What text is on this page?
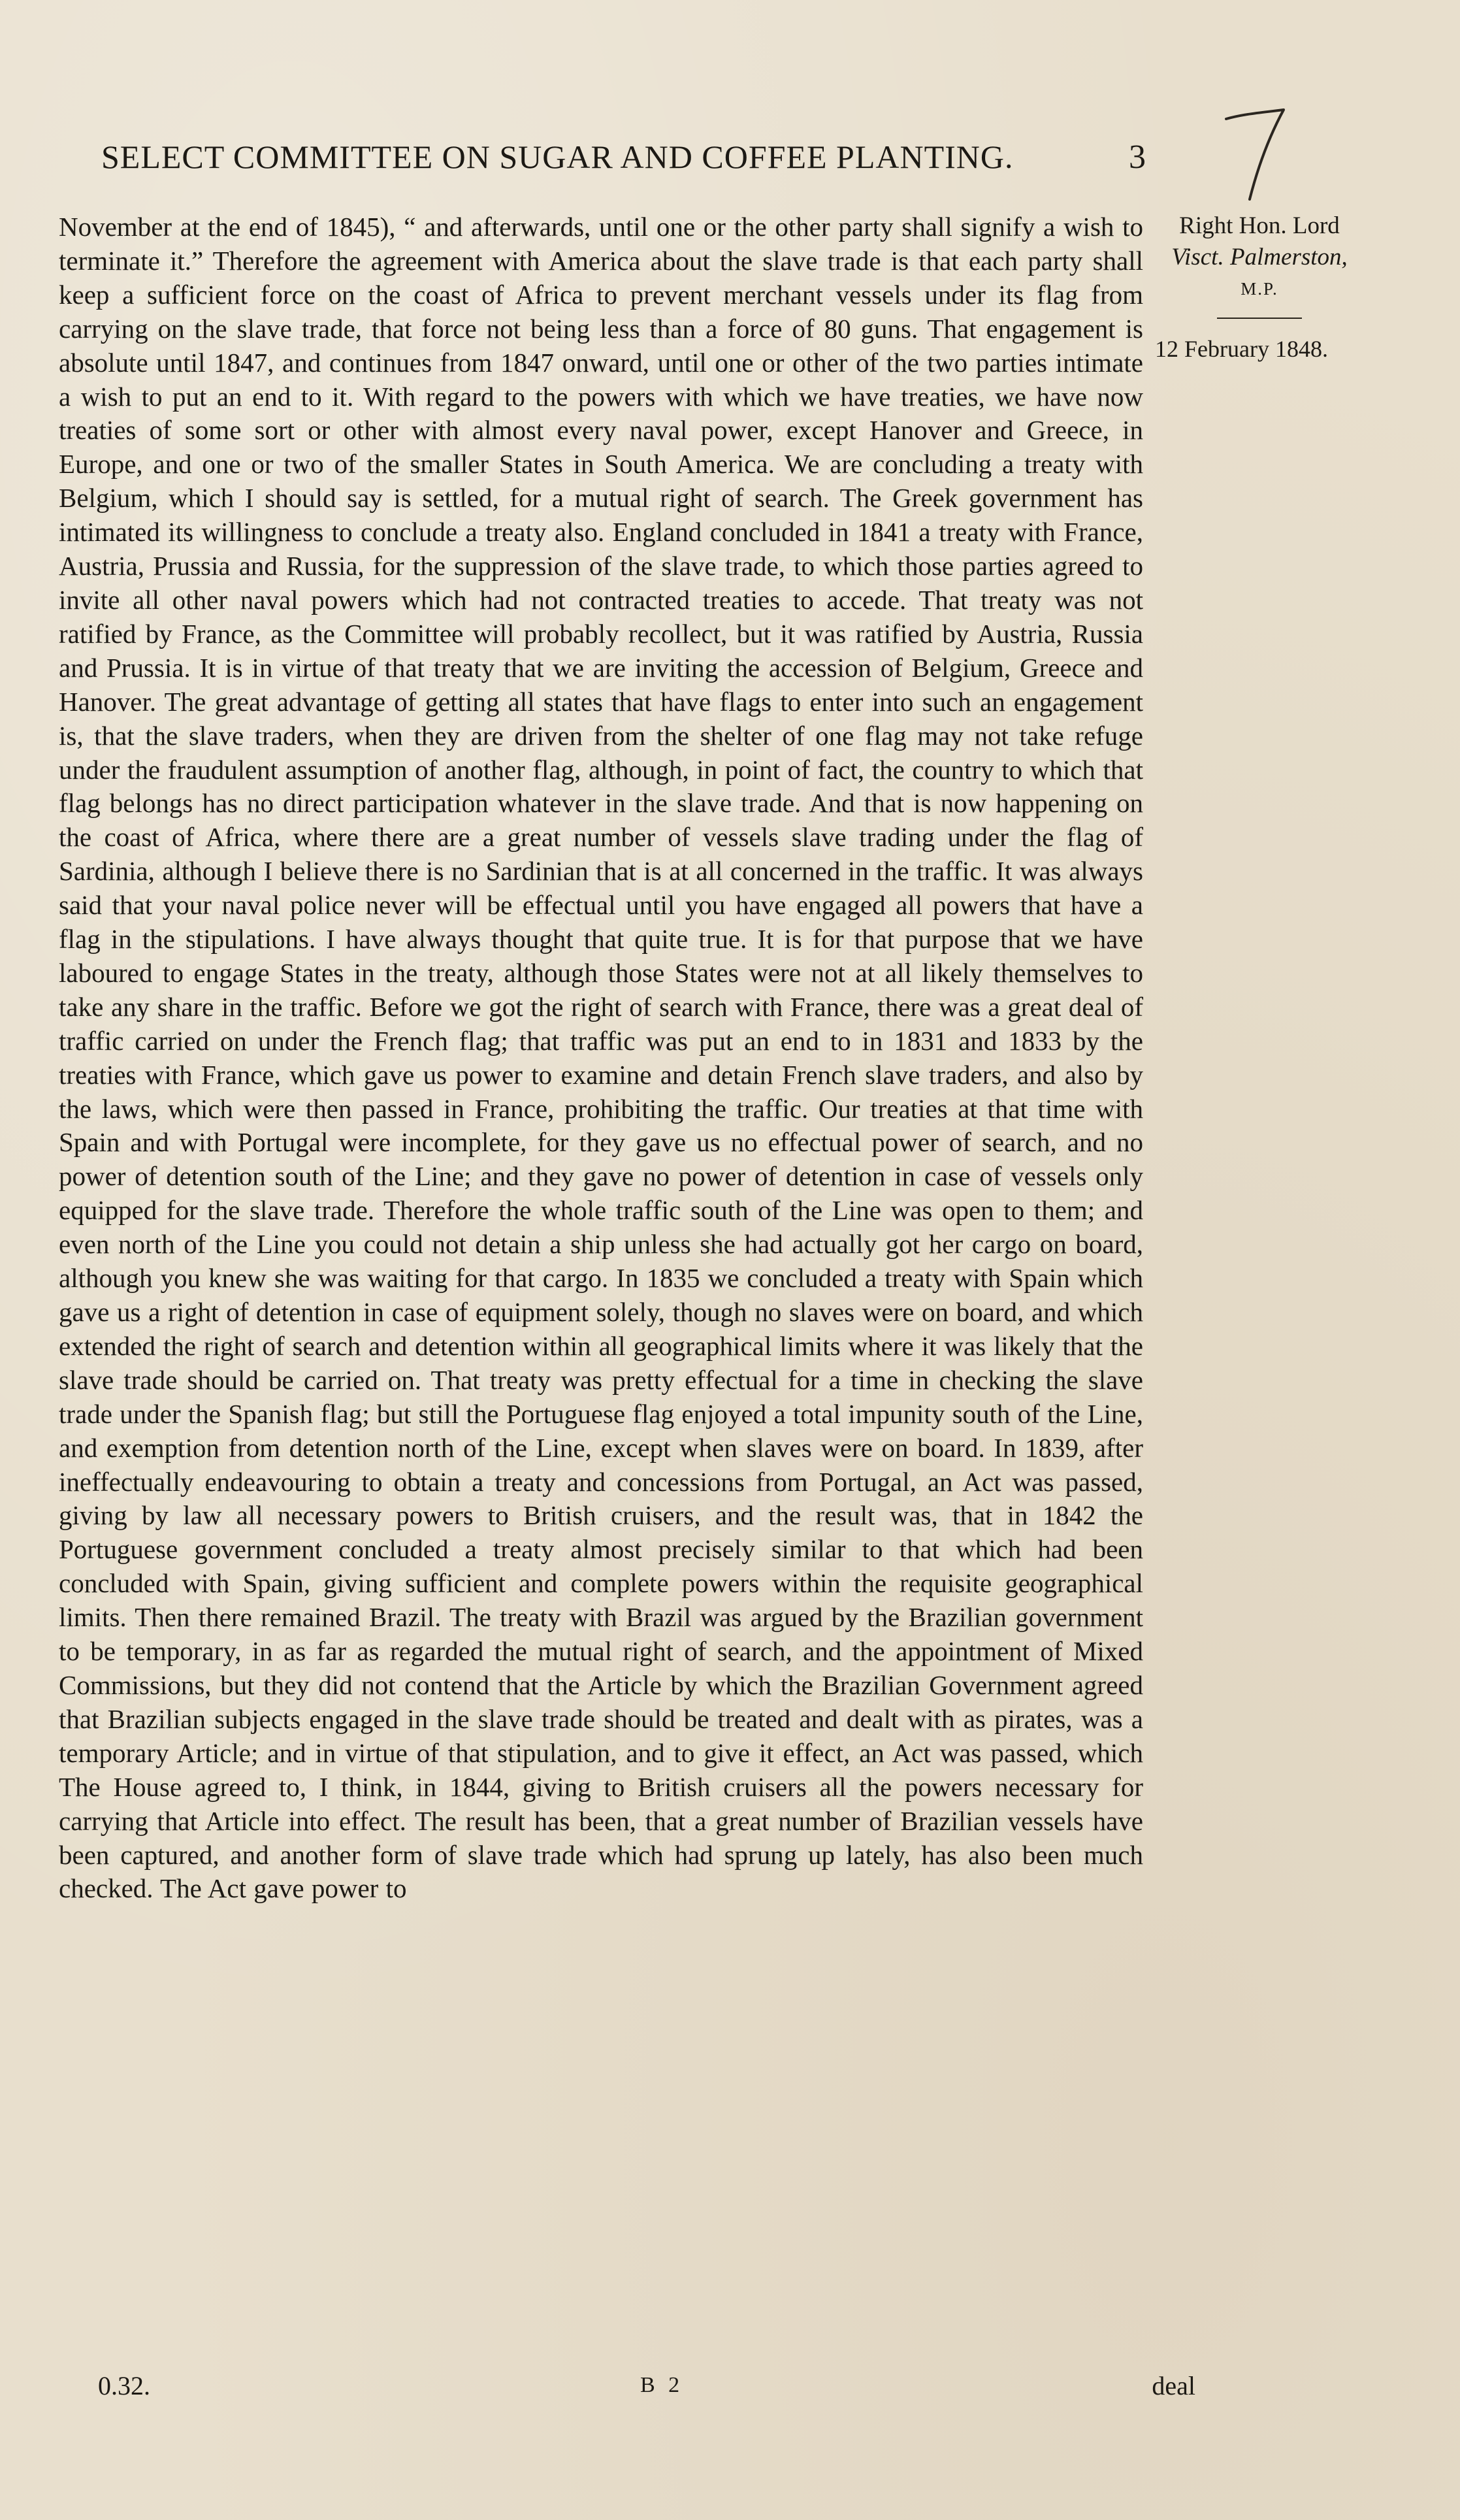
SELECT COMMITTEE ON SUGAR AND COFFEE PLANTING.	3
Right Hon. Lord
Visct. Palmerston,
M.P.
12 February 1848.

November at the end of 1845), “ and afterwards, until one or the other party shall signify a wish to terminate it.” Therefore the agreement with America about the slave trade is that each party shall keep a sufficient force on the coast of Africa to prevent merchant vessels under its flag from carrying on the slave trade, that force not being less than a force of 80 guns. That engagement is absolute until 1847, and continues from 1847 onward, until one or other of the two parties intimate a wish to put an end to it. With regard to the powers with which we have treaties, we have now treaties of some sort or other with almost every naval power, except Hanover and Greece, in Europe, and one or two of the smaller States in South America. We are concluding a treaty with Belgium, which I should say is settled, for a mutual right of search. The Greek government has intimated its willingness to conclude a treaty also. England concluded in 1841 a treaty with France, Austria, Prussia and Russia, for the suppression of the slave trade, to which those parties agreed to invite all other naval powers which had not contracted treaties to accede. That treaty was not ratified by France, as the Committee will probably recollect, but it was ratified by Austria, Russia and Prussia. It is in virtue of that treaty that we are inviting the accession of Belgium, Greece and Hanover. The great advantage of getting all states that have flags to enter into such an engagement is, that the slave traders, when they are driven from the shelter of one flag may not take refuge under the fraudulent assumption of another flag, although, in point of fact, the country to which that flag belongs has no direct participation whatever in the slave trade. And that is now happening on the coast of Africa, where there are a great number of vessels slave trading under the flag of Sardinia, although I believe there is no Sardinian that is at all concerned in the traffic. It was always said that your naval police never will be effectual until you have engaged all powers that have a flag in the stipulations. I have always thought that quite true. It is for that purpose that we have laboured to engage States in the treaty, although those States were not at all likely themselves to take any share in the traffic. Before we got the right of search with France, there was a great deal of traffic carried on under the French flag; that traffic was put an end to in 1831 and 1833 by the treaties with France, which gave us power to examine and detain French slave traders, and also by the laws, which were then passed in France, prohibiting the traffic. Our treaties at that time with Spain and with Portugal were incomplete, for they gave us no effectual power of search, and no power of detention south of the Line; and they gave no power of detention in case of vessels only equipped for the slave trade. Therefore the whole traffic south of the Line was open to them; and even north of the Line you could not detain a ship unless she had actually got her cargo on board, although you knew she was waiting for that cargo. In 1835 we concluded a treaty with Spain which gave us a right of detention in case of equipment solely, though no slaves were on board, and which extended the right of search and detention within all geographical limits where it was likely that the slave trade should be carried on. That treaty was pretty effectual for a time in checking the slave trade under the Spanish flag; but still the Portuguese flag enjoyed a total impunity south of the Line, and exemption from detention north of the Line, except when slaves were on board. In 1839, after ineffectually endeavouring to obtain a treaty and concessions from Portugal, an Act was passed, giving by law all necessary powers to British cruisers, and the result was, that in 1842 the Portuguese government concluded a treaty almost precisely similar to that which had been concluded with Spain, giving sufficient and complete powers within the requisite geographical limits. Then there remained Brazil. The treaty with Brazil was argued by the Brazilian government to be temporary, in as far as regarded the mutual right of search, and the appointment of Mixed Commissions, but they did not contend that the Article by which the Brazilian Government agreed that Brazilian subjects engaged in the slave trade should be treated and dealt with as pirates, was a temporary Article; and in virtue of that stipulation, and to give it effect, an Act was passed, which The House agreed to, I think, in 1844, giving to British cruisers all the powers necessary for carrying that Article into effect. The result has been, that a great number of Brazilian vessels have been captured, and another form of slave trade which had sprung up lately, has also been much checked. The Act gave power to

0.32.	B 2	deal
